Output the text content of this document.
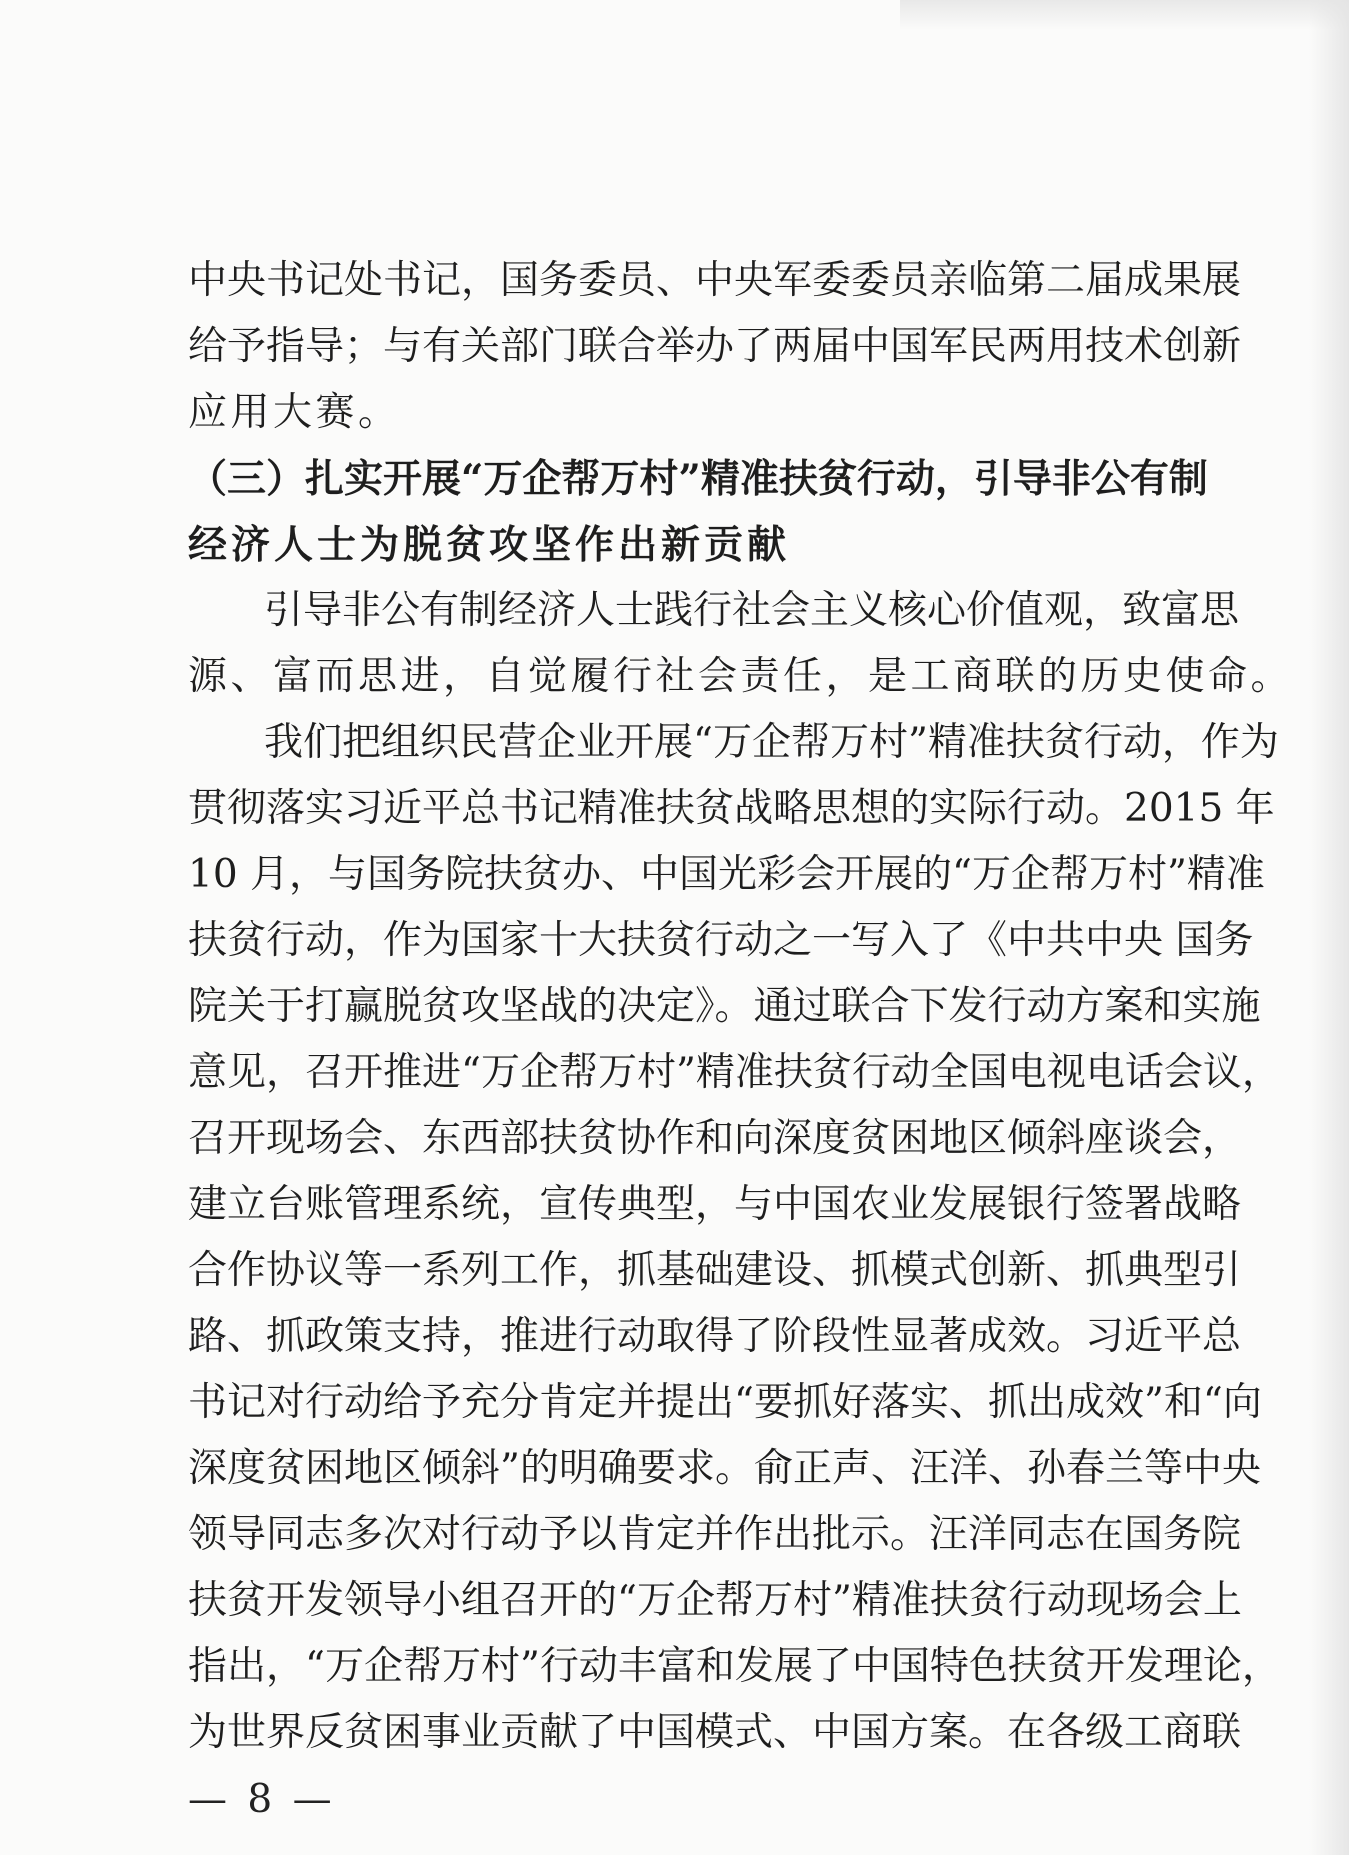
中央书记处书记，国务委员、中央军委委员亲临第二届成果展
给予指导；与有关部门联合举办了两届中国军民两用技术创新
应用大赛。
（三）扎实开展“万企帮万村”精准扶贫行动，引导非公有制
经济人士为脱贫攻坚作出新贡献
引导非公有制经济人士践行社会主义核心价值观，致富思
源、富而思进，自觉履行社会责任，是工商联的历史使命。
我们把组织民营企业开展“万企帮万村”精准扶贫行动，作为
贯彻落实习近平总书记精准扶贫战略思想的实际行动。2015 年
10 月，与国务院扶贫办、中国光彩会开展的“万企帮万村”精准
扶贫行动，作为国家十大扶贫行动之一写入了《中共中央 国务
院关于打赢脱贫攻坚战的决定》。通过联合下发行动方案和实施
意见，召开推进“万企帮万村”精准扶贫行动全国电视电话会议，
召开现场会、东西部扶贫协作和向深度贫困地区倾斜座谈会，
建立台账管理系统，宣传典型，与中国农业发展银行签署战略
合作协议等一系列工作，抓基础建设、抓模式创新、抓典型引
路、抓政策支持，推进行动取得了阶段性显著成效。习近平总
书记对行动给予充分肯定并提出“要抓好落实、抓出成效”和“向
深度贫困地区倾斜”的明确要求。俞正声、汪洋、孙春兰等中央
领导同志多次对行动予以肯定并作出批示。汪洋同志在国务院
扶贫开发领导小组召开的“万企帮万村”精准扶贫行动现场会上
指出，“万企帮万村”行动丰富和发展了中国特色扶贫开发理论，
为世界反贫困事业贡献了中国模式、中国方案。在各级工商联
— 8 —
